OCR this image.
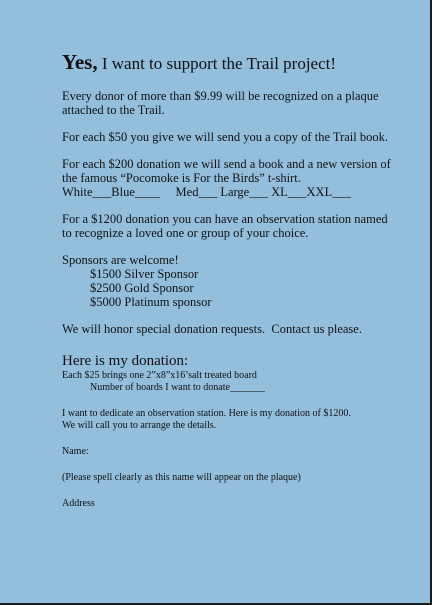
Yes, I want to support the Trail project!
Every donor of more than $9.99 will be recognized on a plaque
attached to the Trail.
For each $50 you give we will send you a copy of the Trail book.
For each $200 donation we will send a book and a new version of
the famous “Pocomoke is For the Birds” t-shirt.
White___Blue____     Med___ Large___ XL___XXL___
For a $1200 donation you can have an observation station named
to recognize a loved one or group of your choice.
Sponsors are welcome!
$1500 Silver Sponsor
$2500 Gold Sponsor
$5000 Platinum sponsor
We will honor special donation requests.  Contact us please.
Here is my donation:
Each $25 brings one 2”x8”x16’salt treated board
Number of boards I want to donate_______
I want to dedicate an observation station. Here is my donation of $1200.
We will call you to arrange the details.
Name:
(Please spell clearly as this name will appear on the plaque)
Address
